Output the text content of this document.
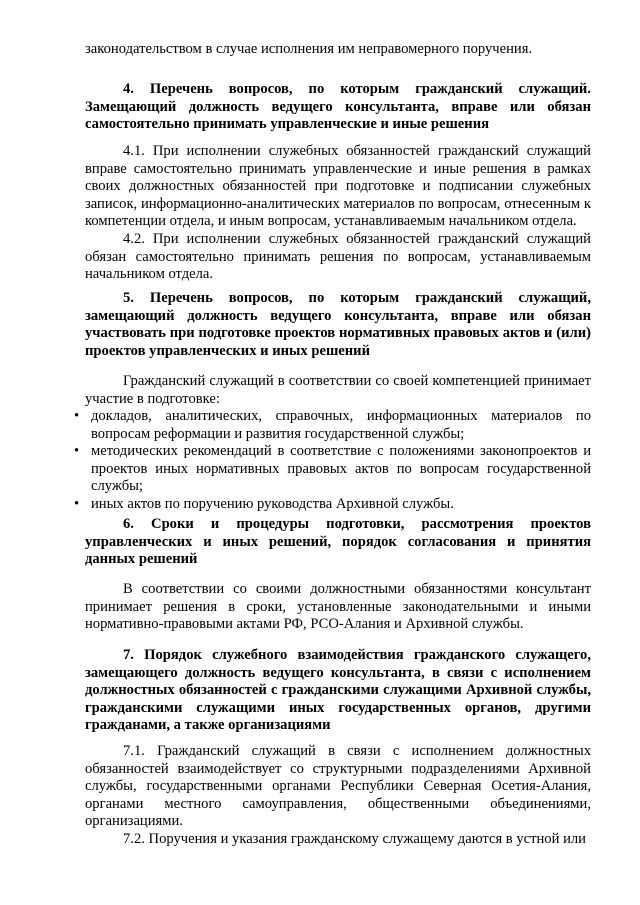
законодательством в случае исполнения им неправомерного поручения.

4. Перечень вопросов, по которым гражданский служащий. Замещающий должность ведущего консультанта, вправе или обязан самостоятельно принимать управленческие и иные решения

4.1. При исполнении служебных обязанностей гражданский служащий вправе самостоятельно принимать управленческие и иные решения в рамках своих должностных обязанностей при подготовке и подписании служебных записок, информационно-аналитических материалов по вопросам, отнесенным к компетенции отдела, и иным вопросам, устанавливаемым начальником отдела.

4.2. При исполнении служебных обязанностей гражданский служащий обязан самостоятельно принимать решения по вопросам, устанавливаемым начальником отдела.

5. Перечень вопросов, по которым гражданский служащий, замещающий должность ведущего консультанта, вправе или обязан участвовать при подготовке проектов нормативных правовых актов и (или) проектов управленческих и иных решений

Гражданский служащий в соответствии со своей компетенцией принимает участие в подготовке:

• докладов, аналитических, справочных, информационных материалов по вопросам реформации и развития государственной службы;
• методических рекомендаций в соответствие с положениями законопроектов и проектов иных нормативных правовых актов по вопросам государственной службы;
• иных актов по поручению руководства Архивной службы.

6. Сроки и процедуры подготовки, рассмотрения проектов управленческих и иных решений, порядок согласования и принятия данных решений

В соответствии со своими должностными обязанностями консультант принимает решения в сроки, установленные законодательными и иными нормативно-правовыми актами РФ, РСО-Алания и Архивной службы.

7. Порядок служебного взаимодействия гражданского служащего, замещающего должность ведущего консультанта, в связи с исполнением должностных обязанностей с гражданскими служащими Архивной службы, гражданскими служащими иных государственных органов, другими гражданами, а также организациями

7.1. Гражданский служащий в связи с исполнением должностных обязанностей взаимодействует со структурными подразделениями Архивной службы, государственными органами Республики Северная Осетия-Алания, органами местного самоуправления, общественными объединениями, организациями.

7.2. Поручения и указания гражданскому служащему даются в устной или
